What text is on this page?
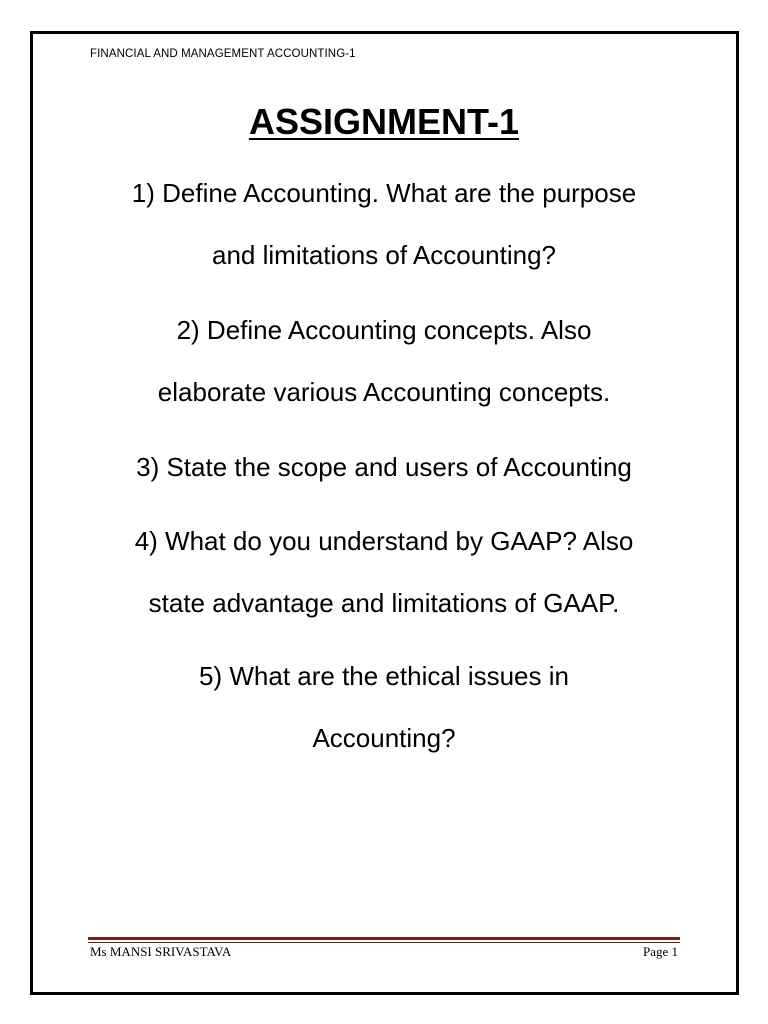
FINANCIAL AND MANAGEMENT ACCOUNTING-1
ASSIGNMENT-1
1) Define Accounting. What are the purpose
and limitations of Accounting?
2) Define Accounting concepts. Also
elaborate various Accounting concepts.
3) State the scope and users of Accounting
4) What do you understand by GAAP? Also
state advantage and limitations of GAAP.
5) What are the ethical issues in
Accounting?
Ms MANSI SRIVASTAVA	Page 1
